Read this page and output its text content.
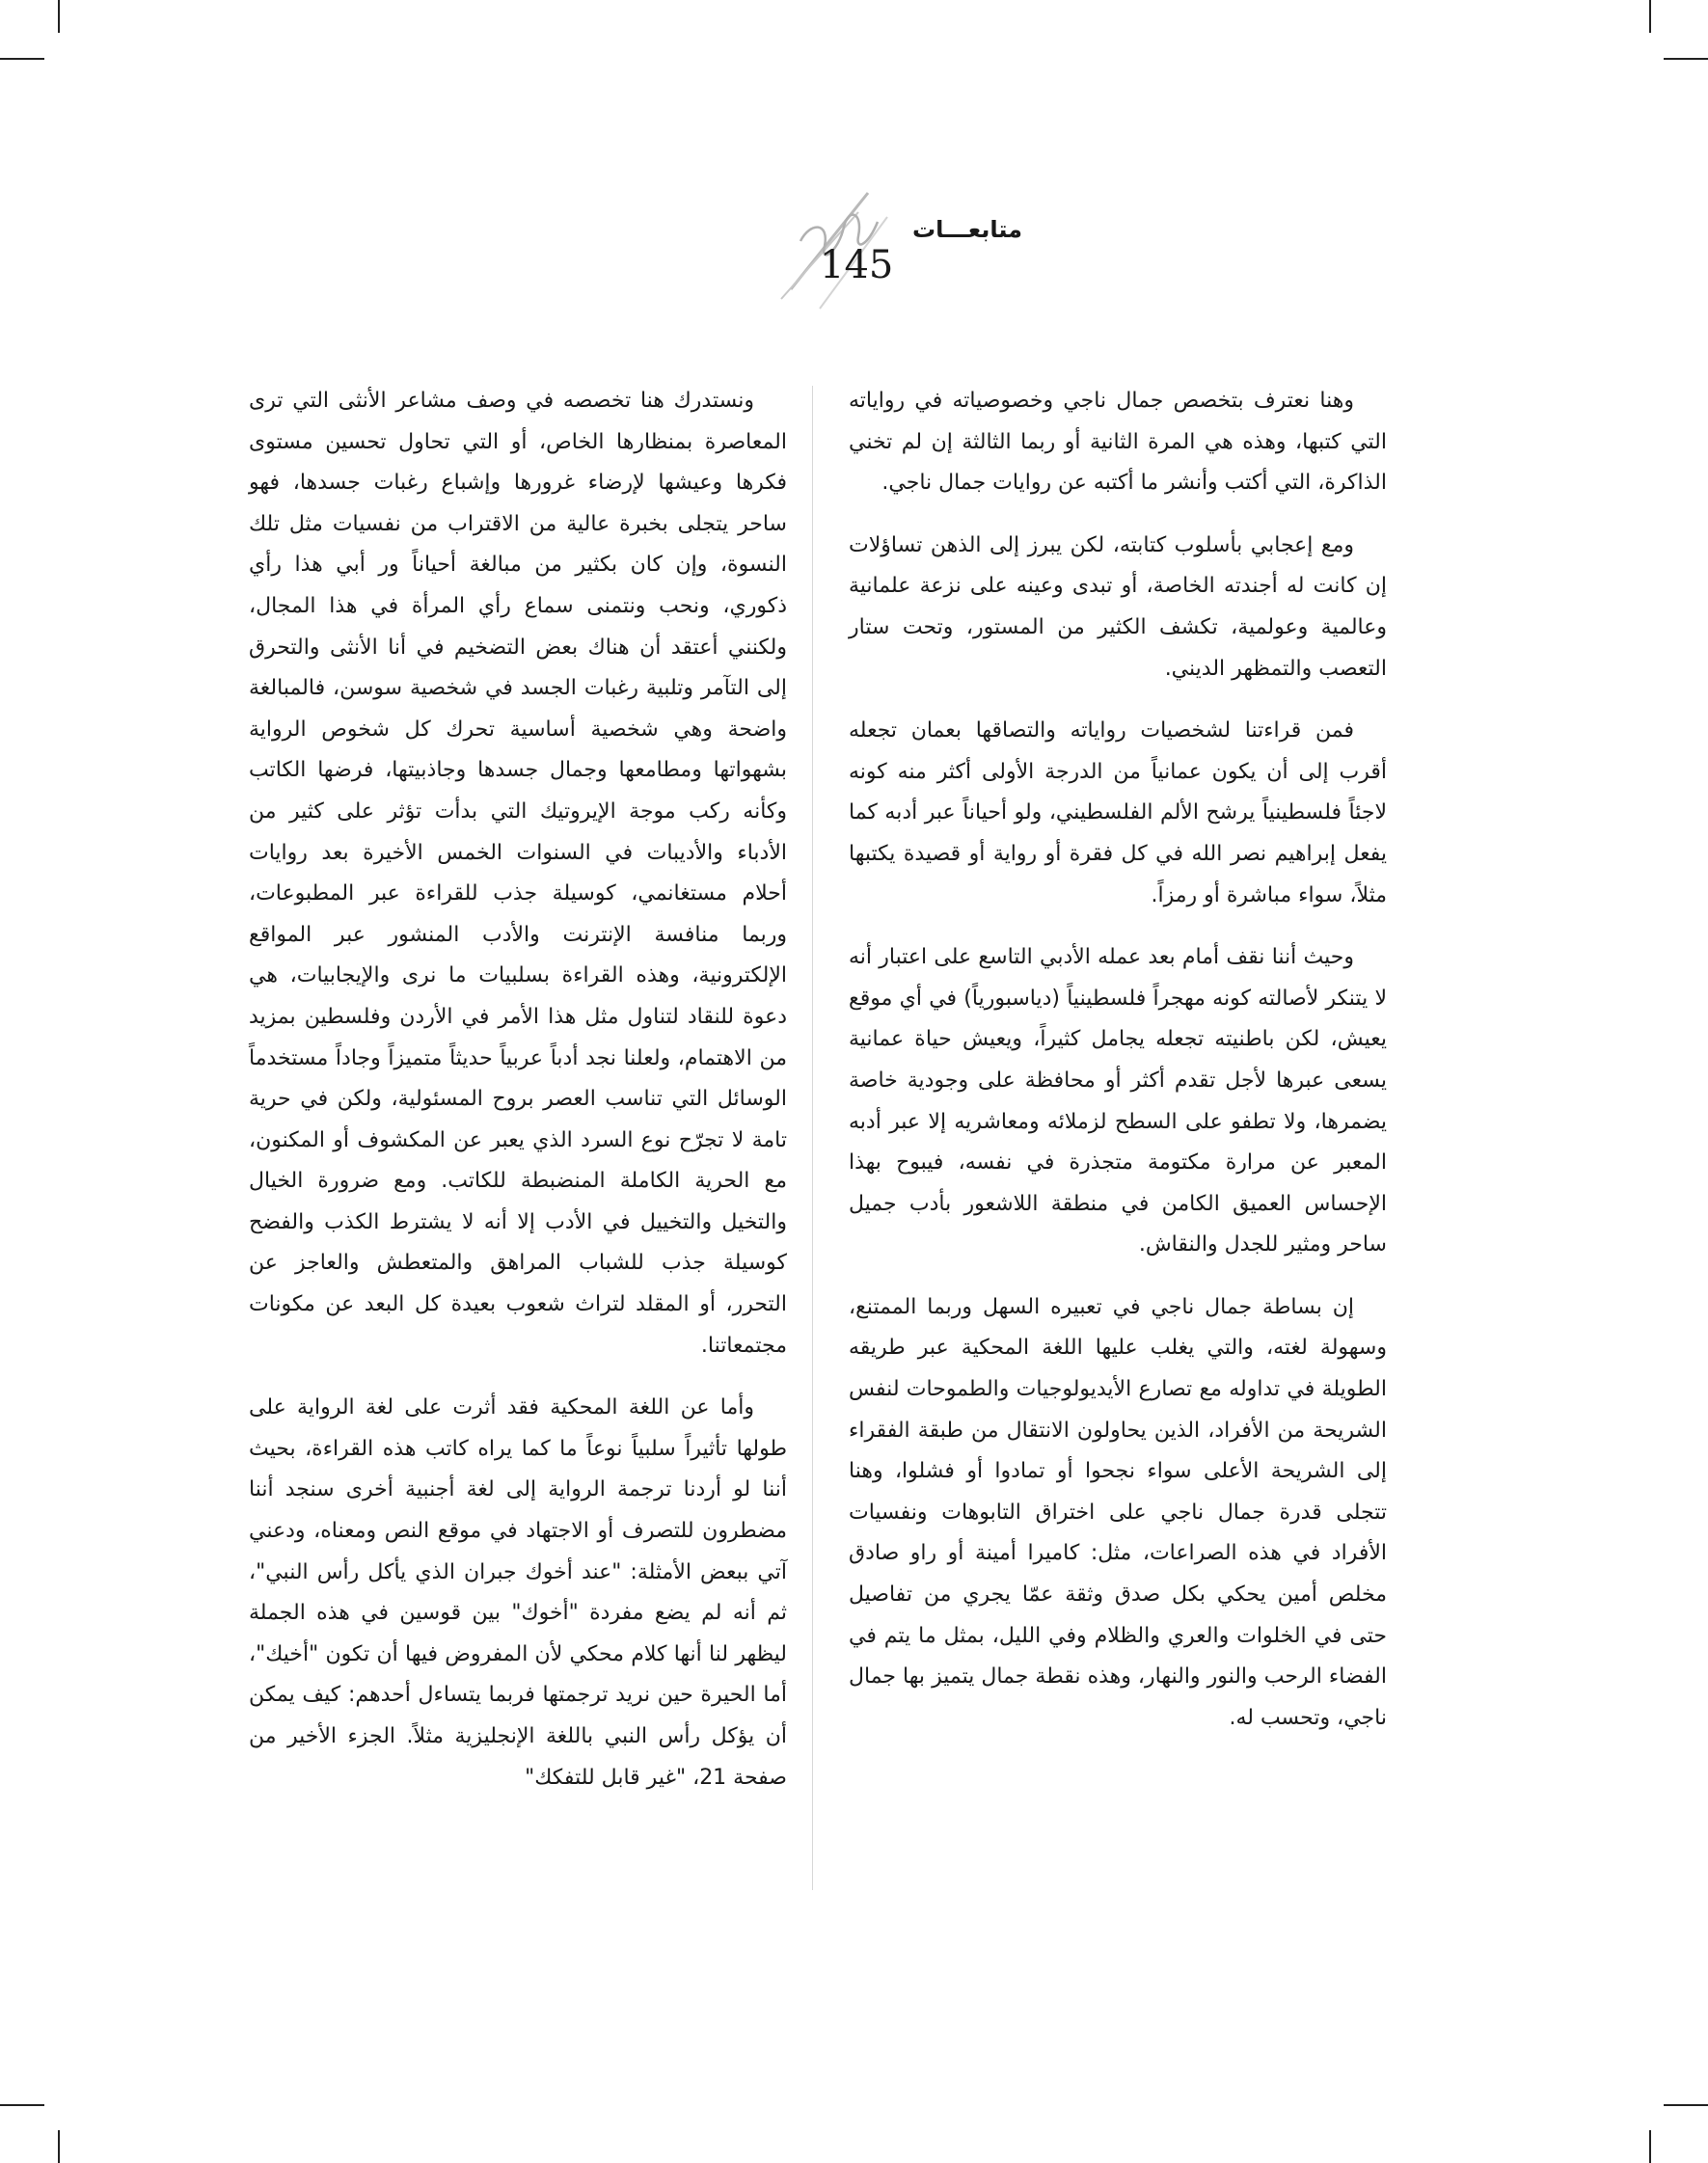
متابعـــات
145

وهنا نعترف بتخصص جمال ناجي وخصوصياته في رواياته التي كتبها، وهذه هي المرة الثانية أو ربما الثالثة إن لم تخني الذاكرة، التي أكتب وأنشر ما أكتبه عن روايات جمال ناجي.

ومع إعجابي بأسلوب كتابته، لكن يبرز إلى الذهن تساؤلات إن كانت له أجندته الخاصة، أو تبدى وعينه على نزعة علمانية وعالمية وعولمية، تكشف الكثير من المستور، وتحت ستار التعصب والتمظهر الديني.

فمن قراءتنا لشخصيات رواياته والتصاقها بعمان تجعله أقرب إلى أن يكون عمانياً من الدرجة الأولى أكثر منه كونه لاجئاً فلسطينياً يرشح الألم الفلسطيني، ولو أحياناً عبر أدبه كما يفعل إبراهيم نصر الله في كل فقرة أو رواية أو قصيدة يكتبها مثلاً، سواء مباشرة أو رمزاً.

وحيث أننا نقف أمام بعد عمله الأدبي التاسع على اعتبار أنه لا يتنكر لأصالته كونه مهجراً فلسطينياً (دياسبورياً) في أي موقع يعيش، لكن باطنيته تجعله يجامل كثيراً، ويعيش حياة عمانية يسعى عبرها لأجل تقدم أكثر أو محافظة على وجودية خاصة يضمرها، ولا تطفو على السطح لزملائه ومعاشريه إلا عبر أدبه المعبر عن مرارة مكتومة متجذرة في نفسه، فيبوح بهذا الإحساس العميق الكامن في منطقة اللاشعور بأدب جميل ساحر ومثير للجدل والنقاش.

إن بساطة جمال ناجي في تعبيره السهل وربما الممتنع، وسهولة لغته، والتي يغلب عليها اللغة المحكية عبر طريقه الطويلة في تداوله مع تصارع الأيديولوجيات والطموحات لنفس الشريحة من الأفراد، الذين يحاولون الانتقال من طبقة الفقراء إلى الشريحة الأعلى سواء نجحوا أو تمادوا أو فشلوا، وهنا تتجلى قدرة جمال ناجي على اختراق التابوهات ونفسيات الأفراد في هذه الصراعات، مثل: كاميرا أمينة أو راو صادق مخلص أمين يحكي بكل صدق وثقة عمّا يجري من تفاصيل حتى في الخلوات والعري والظلام وفي الليل، بمثل ما يتم في الفضاء الرحب والنور والنهار، وهذه نقطة جمال يتميز بها جمال ناجي، وتحسب له.

ونستدرك هنا تخصصه في وصف مشاعر الأنثى التي ترى المعاصرة بمنظارها الخاص، أو التي تحاول تحسين مستوى فكرها وعيشها لإرضاء غرورها وإشباع رغبات جسدها، فهو ساحر يتجلى بخبرة عالية من الاقتراب من نفسيات مثل تلك النسوة، وإن كان بكثير من مبالغة أحياناً ور أبي هذا رأي ذكوري، ونحب ونتمنى سماع رأي المرأة في هذا المجال، ولكنني أعتقد أن هناك بعض التضخيم في أنا الأنثى والتحرق إلى التآمر وتلبية رغبات الجسد في شخصية سوسن، فالمبالغة واضحة وهي شخصية أساسية تحرك كل شخوص الرواية بشهواتها ومطامعها وجمال جسدها وجاذبيتها، فرضها الكاتب وكأنه ركب موجة الإيروتيك التي بدأت تؤثر على كثير من الأدباء والأديبات في السنوات الخمس الأخيرة بعد روايات أحلام مستغانمي، كوسيلة جذب للقراءة عبر المطبوعات، وربما منافسة الإنترنت والأدب المنشور عبر المواقع الإلكترونية، وهذه القراءة بسلبيات ما نرى والإيجابيات، هي دعوة للنقاد لتناول مثل هذا الأمر في الأردن وفلسطين بمزيد من الاهتمام، ولعلنا نجد أدباً عربياً حديثاً متميزاً وجاداً مستخدماً الوسائل التي تناسب العصر بروح المسئولية، ولكن في حرية تامة لا تجرّح نوع السرد الذي يعبر عن المكشوف أو المكنون، مع الحرية الكاملة المنضبطة للكاتب. ومع ضرورة الخيال والتخيل والتخييل في الأدب إلا أنه لا يشترط الكذب والفضح كوسيلة جذب للشباب المراهق والمتعطش والعاجز عن التحرر، أو المقلد لتراث شعوب بعيدة كل البعد عن مكونات مجتمعاتنا.

وأما عن اللغة المحكية فقد أثرت على لغة الرواية على طولها تأثيراً سلبياً نوعاً ما كما يراه كاتب هذه القراءة، بحيث أننا لو أردنا ترجمة الرواية إلى لغة أجنبية أخرى سنجد أننا مضطرون للتصرف أو الاجتهاد في موقع النص ومعناه، ودعني آتي ببعض الأمثلة: "عند أخوك جبران الذي يأكل رأس النبي"، ثم أنه لم يضع مفردة "أخوك" بين قوسين في هذه الجملة ليظهر لنا أنها كلام محكي لأن المفروض فيها أن تكون "أخيك"، أما الحيرة حين نريد ترجمتها فربما يتساءل أحدهم: كيف يمكن أن يؤكل رأس النبي باللغة الإنجليزية مثلاً. الجزء الأخير من صفحة 21، "غير قابل للتفكك"
